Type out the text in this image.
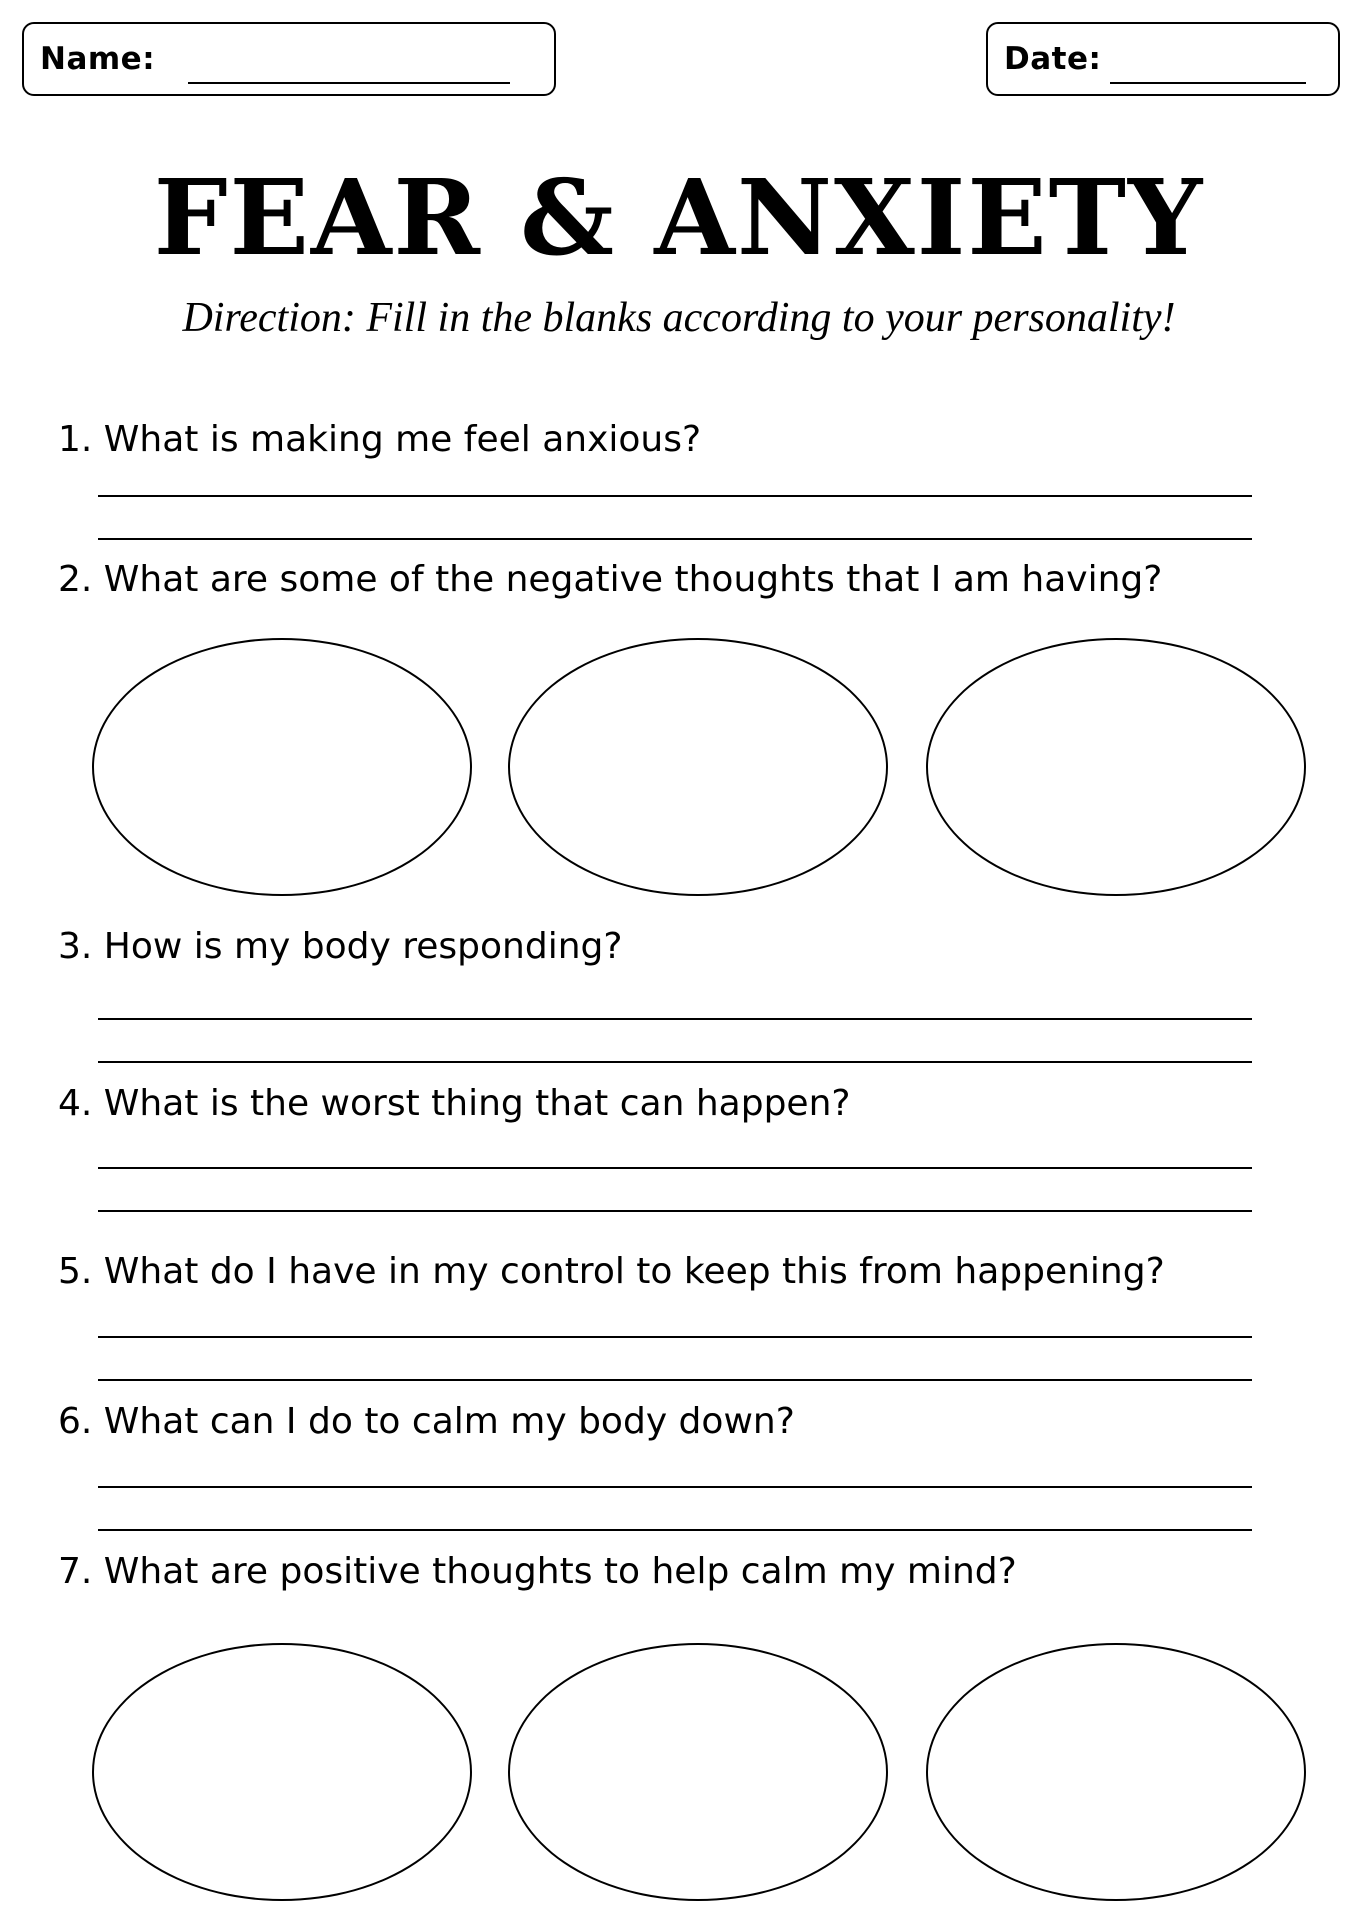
Name:	Date:
FEAR & ANXIETY
Direction: Fill in the blanks according to your personality!
1. What is making me feel anxious?
2. What are some of the negative thoughts that I am having?
3. How is my body responding?
4. What is the worst thing that can happen?
5. What do I have in my control to keep this from happening?
6. What can I do to calm my body down?
7. What are positive thoughts to help calm my mind?
